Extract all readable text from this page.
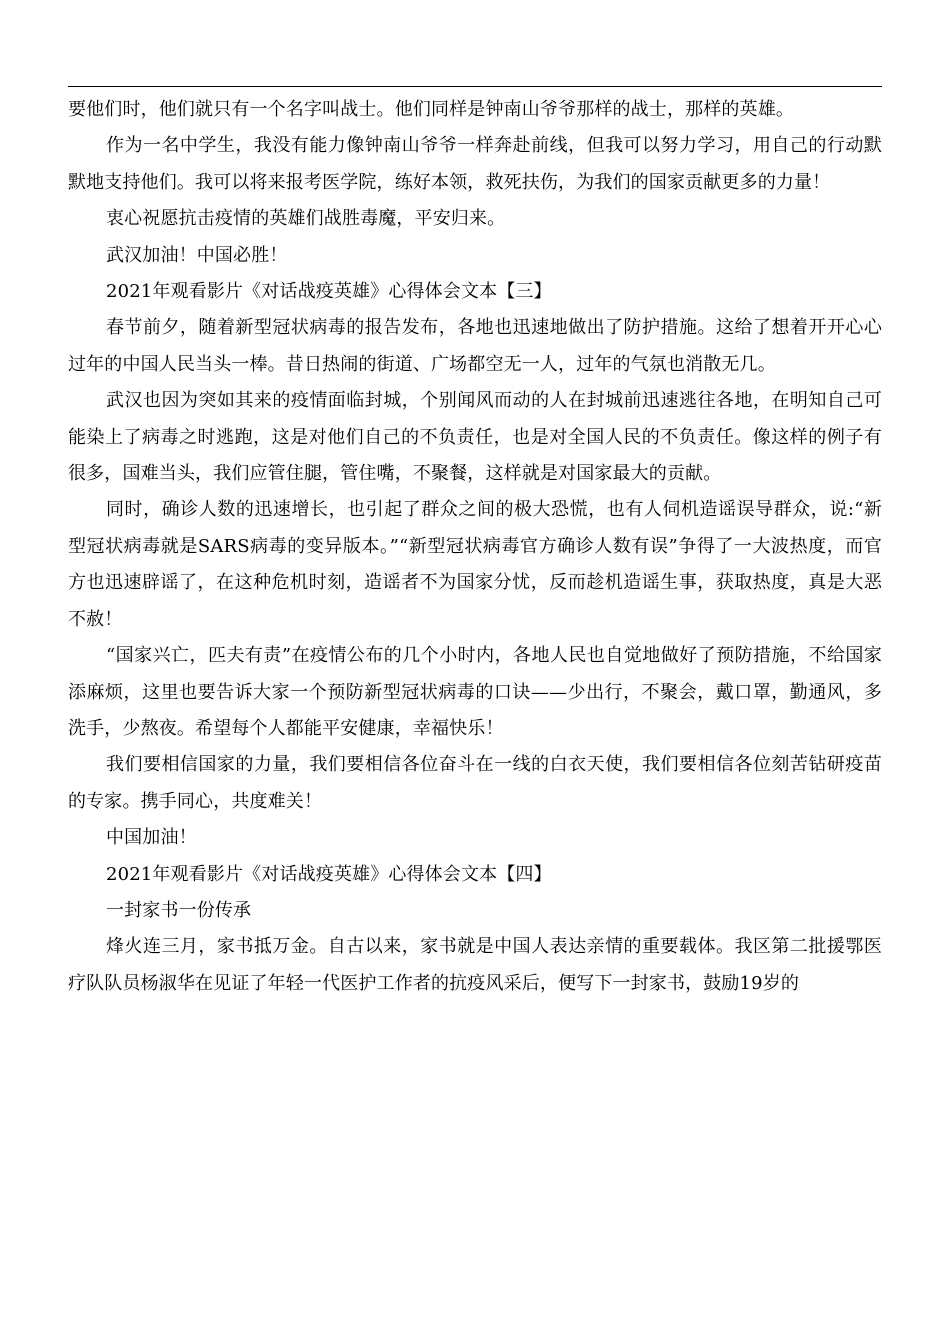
要他们时，他们就只有一个名字叫战士。他们同样是钟南山爷爷那样的战士，那样的英雄。

作为一名中学生，我没有能力像钟南山爷爷一样奔赴前线，但我可以努力学习，用自己的行动默默地支持他们。我可以将来报考医学院，练好本领，救死扶伤，为我们的国家贡献更多的力量！

衷心祝愿抗击疫情的英雄们战胜毒魔，平安归来。

武汉加油！中国必胜！

2021年观看影片《对话战疫英雄》心得体会文本【三】

春节前夕，随着新型冠状病毒的报告发布，各地也迅速地做出了防护措施。这给了想着开开心心过年的中国人民当头一棒。昔日热闹的街道、广场都空无一人，过年的气氛也消散无几。

武汉也因为突如其来的疫情面临封城，个别闻风而动的人在封城前迅速逃往各地，在明知自己可能染上了病毒之时逃跑，这是对他们自己的不负责任，也是对全国人民的不负责任。像这样的例子有很多，国难当头，我们应管住腿，管住嘴，不聚餐，这样就是对国家最大的贡献。

同时，确诊人数的迅速增长，也引起了群众之间的极大恐慌，也有人伺机造谣误导群众，说:“新型冠状病毒就是SARS病毒的变异版本。”“新型冠状病毒官方确诊人数有误”争得了一大波热度，而官方也迅速辟谣了，在这种危机时刻，造谣者不为国家分忧，反而趁机造谣生事，获取热度，真是大恶不赦！

“国家兴亡，匹夫有责”在疫情公布的几个小时内，各地人民也自觉地做好了预防措施，不给国家添麻烦，这里也要告诉大家一个预防新型冠状病毒的口诀——少出行，不聚会，戴口罩，勤通风，多洗手，少熬夜。希望每个人都能平安健康，幸福快乐！

我们要相信国家的力量，我们要相信各位奋斗在一线的白衣天使，我们要相信各位刻苦钻研疫苗的专家。携手同心，共度难关！

中国加油！

2021年观看影片《对话战疫英雄》心得体会文本【四】

一封家书一份传承

烽火连三月，家书抵万金。自古以来，家书就是中国人表达亲情的重要载体。我区第二批援鄂医疗队队员杨淑华在见证了年轻一代医护工作者的抗疫风采后，便写下一封家书，鼓励19岁的
